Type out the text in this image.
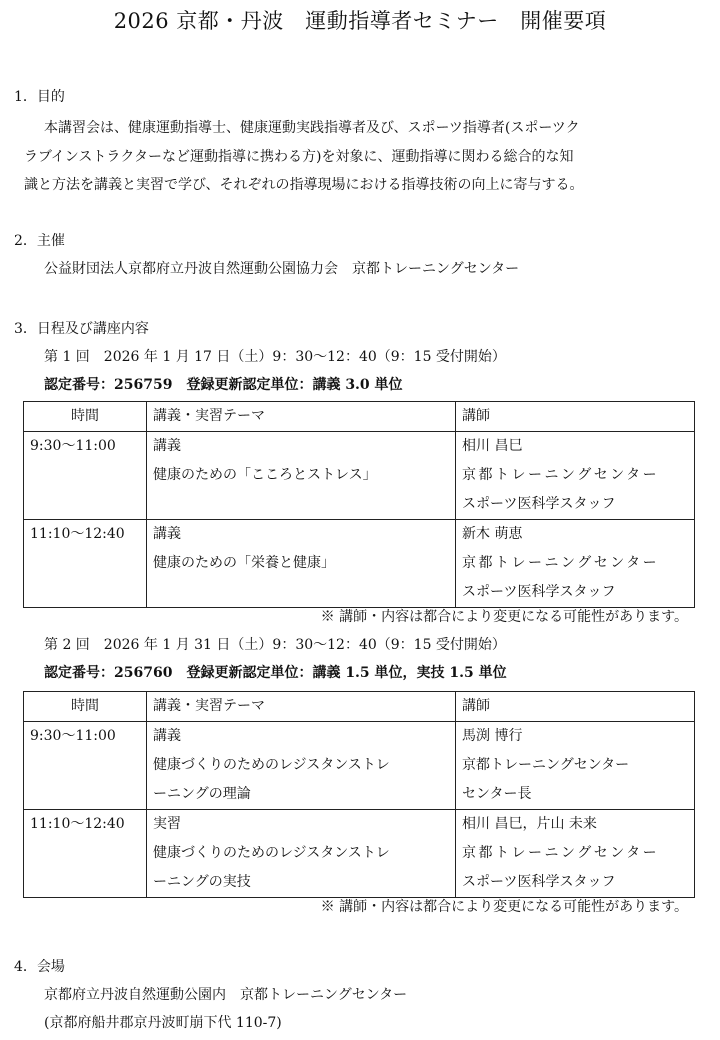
2026 京都・丹波　運動指導者セミナー　開催要項
1．目的
本講習会は、健康運動指導士、健康運動実践指導者及び、スポーツ指導者(スポーツク
ラブインストラクターなど運動指導に携わる方)を対象に、運動指導に関わる総合的な知
識と方法を講義と実習で学び、それぞれの指導現場における指導技術の向上に寄与する。
2．主催
公益財団法人京都府立丹波自然運動公園協力会　京都トレーニングセンター
3．日程及び講座内容
第 1 回　2026 年 1 月 17 日（土）9：30〜12：40（9：15 受付開始）
認定番号：256759　登録更新認定単位：講義 3.0 単位
時間	講義・実習テーマ	講師
9:30〜11:00	講義
健康のための「こころとストレス」	相川 昌巳
京都トレーニングセンター
スポーツ医科学スタッフ

11:10〜12:40	講義
健康のための「栄養と健康」	新木 萌恵
京都トレーニングセンター
スポーツ医科学スタッフ
※ 講師・内容は都合により変更になる可能性があります。
第 2 回　2026 年 1 月 31 日（土）9：30〜12：40（9：15 受付開始）
認定番号：256760　登録更新認定単位：講義 1.5 単位，実技 1.5 単位
時間	講義・実習テーマ	講師
9:30〜11:00	講義
健康づくりのためのレジスタンストレ
ーニングの理論	馬渕 博行
京都トレーニングセンター
センター長

11:10〜12:40	実習
健康づくりのためのレジスタンストレ
ーニングの実技	相川 昌巳，片山 未来
京都トレーニングセンター
スポーツ医科学スタッフ
※ 講師・内容は都合により変更になる可能性があります。
4．会場
京都府立丹波自然運動公園内　京都トレーニングセンター
(京都府船井郡京丹波町崩下代 110-7)
